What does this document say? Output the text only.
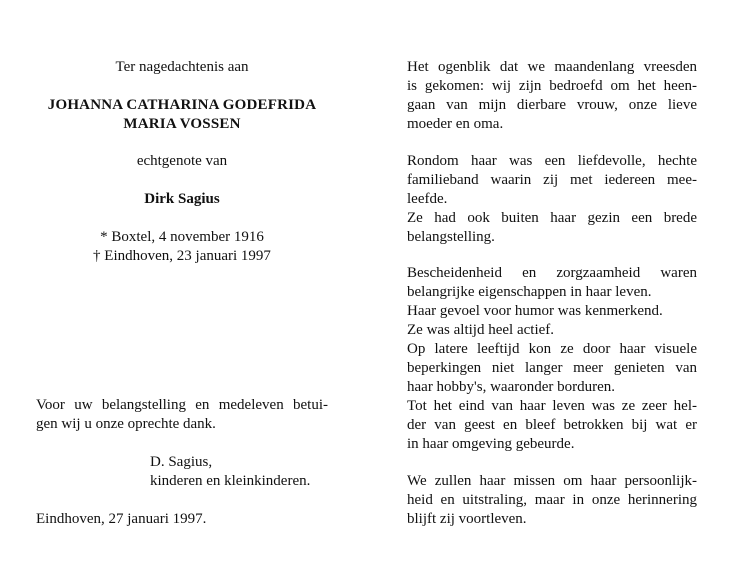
Ter nagedachtenis aan
JOHANNA CATHARINA GODEFRIDA
MARIA VOSSEN
echtgenote van
Dirk Sagius
* Boxtel, 4 november 1916
† Eindhoven, 23 januari 1997
Voor uw belangstelling en medeleven betui-
gen wij u onze oprechte dank.
D. Sagius,
kinderen en kleinkinderen.
Eindhoven, 27 januari 1997.
Het ogenblik dat we maandenlang vreesden
is gekomen: wij zijn bedroefd om het heen-
gaan van mijn dierbare vrouw, onze lieve
moeder en oma.
Rondom haar was een liefdevolle, hechte
familieband waarin zij met iedereen mee-
leefde.
Ze had ook buiten haar gezin een brede
belangstelling.
Bescheidenheid en zorgzaamheid waren
belangrijke eigenschappen in haar leven.
Haar gevoel voor humor was kenmerkend.
Ze was altijd heel actief.
Op latere leeftijd kon ze door haar visuele
beperkingen niet langer meer genieten van
haar hobby's, waaronder borduren.
Tot het eind van haar leven was ze zeer hel-
der van geest en bleef betrokken bij wat er
in haar omgeving gebeurde.
We zullen haar missen om haar persoonlijk-
heid en uitstraling, maar in onze herinnering
blijft zij voortleven.
